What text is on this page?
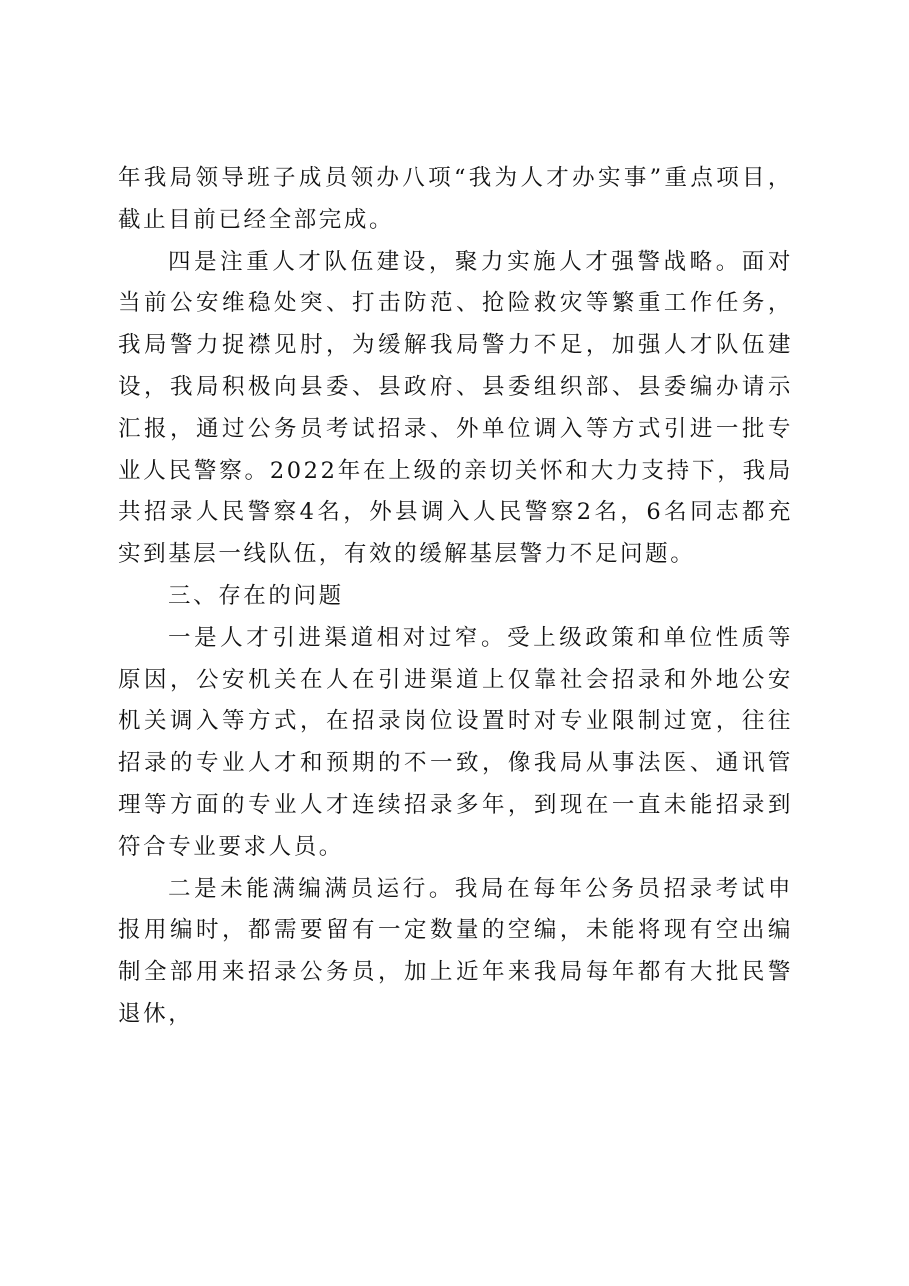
年我局领导班子成员领办八项“我为人才办实事”重点项目，截止目前已经全部完成。

四是注重人才队伍建设，聚力实施人才强警战略。面对当前公安维稳处突、打击防范、抢险救灾等繁重工作任务，我局警力捉襟见肘，为缓解我局警力不足，加强人才队伍建设，我局积极向县委、县政府、县委组织部、县委编办请示汇报，通过公务员考试招录、外单位调入等方式引进一批专业人民警察。2022年在上级的亲切关怀和大力支持下，我局共招录人民警察4名，外县调入人民警察2名，6名同志都充实到基层一线队伍，有效的缓解基层警力不足问题。

三、存在的问题

一是人才引进渠道相对过窄。受上级政策和单位性质等原因，公安机关在人在引进渠道上仅靠社会招录和外地公安机关调入等方式，在招录岗位设置时对专业限制过宽，往往招录的专业人才和预期的不一致，像我局从事法医、通讯管理等方面的专业人才连续招录多年，到现在一直未能招录到符合专业要求人员。

二是未能满编满员运行。我局在每年公务员招录考试申报用编时，都需要留有一定数量的空编，未能将现有空出编制全部用来招录公务员，加上近年来我局每年都有大批民警退休，
